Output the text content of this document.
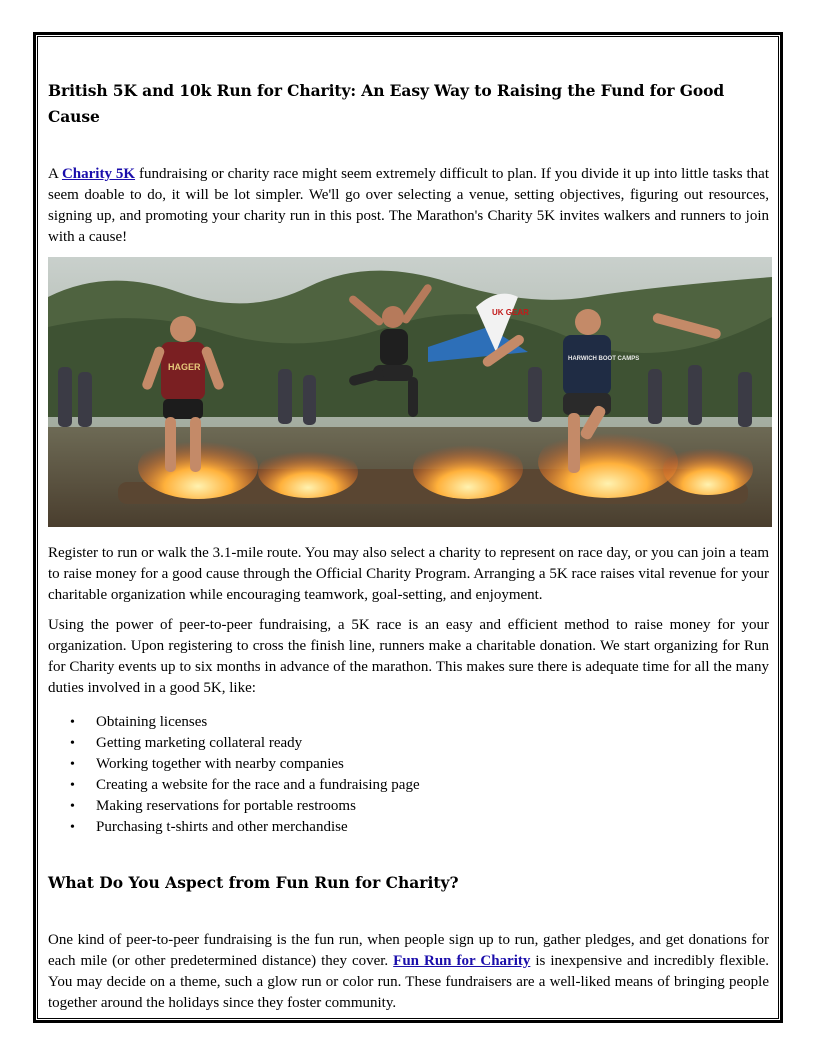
British 5K and 10k Run for Charity: An Easy Way to Raising the Fund for Good Cause

A Charity 5K fundraising or charity race might seem extremely difficult to plan. If you divide it up into little tasks that seem doable to do, it will be lot simpler. We'll go over selecting a venue, setting objectives, figuring out resources, signing up, and promoting your charity run in this post. The Marathon's Charity 5K invites walkers and runners to join with a cause!

UK GEAR
HAGER
HARWICH BOOT CAMPS

Register to run or walk the 3.1-mile route. You may also select a charity to represent on race day, or you can join a team to raise money for a good cause through the Official Charity Program. Arranging a 5K race raises vital revenue for your charitable organization while encouraging teamwork, goal-setting, and enjoyment.

Using the power of peer-to-peer fundraising, a 5K race is an easy and efficient method to raise money for your organization. Upon registering to cross the finish line, runners make a charitable donation. We start organizing for Run for Charity events up to six months in advance of the marathon. This makes sure there is adequate time for all the many duties involved in a good 5K, like:

• Obtaining licenses
• Getting marketing collateral ready
• Working together with nearby companies
• Creating a website for the race and a fundraising page
• Making reservations for portable restrooms
• Purchasing t-shirts and other merchandise
What Do You Aspect from Fun Run for Charity?

One kind of peer-to-peer fundraising is the fun run, when people sign up to run, gather pledges, and get donations for each mile (or other predetermined distance) they cover. Fun Run for Charity is inexpensive and incredibly flexible. You may decide on a theme, such a glow run or color run. These fundraisers are a well-liked means of bringing people together around the holidays since they foster community.
